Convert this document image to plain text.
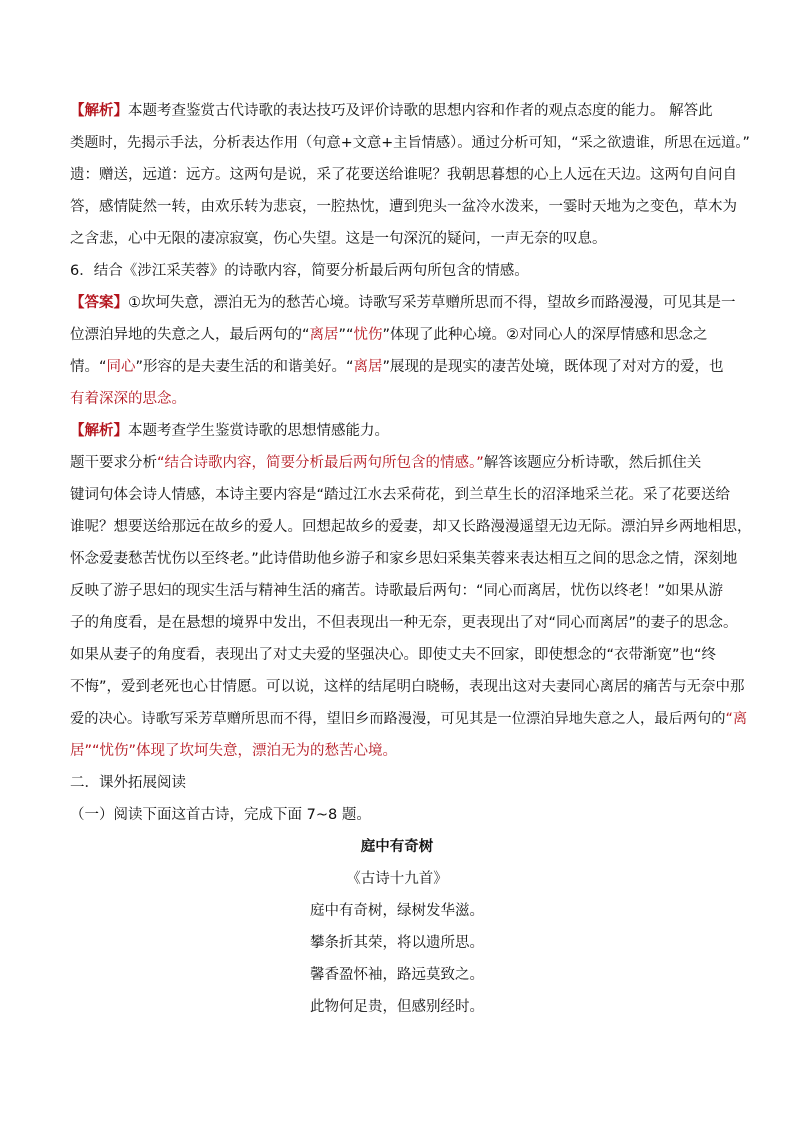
【解析】本题考查鉴赏古代诗歌的表达技巧及评价诗歌的思想内容和作者的观点态度的能力。 解答此
类题时，先揭示手法，分析表达作用（句意+文意+主旨情感）。通过分析可知，“采之欲遗谁，所思在远道。”
遗：赠送，远道：远方。这两句是说，采了花要送给谁呢？我朝思暮想的心上人远在天边。这两句自问自
答，感情陡然一转，由欢乐转为悲哀，一腔热忱，遭到兜头一盆冷水泼来，一霎时天地为之变色，草木为
之含悲，心中无限的凄凉寂寞，伤心失望。这是一句深沉的疑问，一声无奈的叹息。
6．结合《涉江采芙蓉》的诗歌内容，简要分析最后两句所包含的情感。
【答案】①坎坷失意，漂泊无为的愁苦心境。诗歌写采芳草赠所思而不得，望故乡而路漫漫，可见其是一
位漂泊异地的失意之人，最后两句的“离居”“忧伤”体现了此种心境。②对同心人的深厚情感和思念之
情。“同心”形容的是夫妻生活的和谐美好。“离居”展现的是现实的凄苦处境，既体现了对对方的爱，也
有着深深的思念。
【解析】本题考查学生鉴赏诗歌的思想情感能力。
题干要求分析“结合诗歌内容，简要分析最后两句所包含的情感。”解答该题应分析诗歌，然后抓住关
键词句体会诗人情感，本诗主要内容是“踏过江水去采荷花，到兰草生长的沼泽地采兰花。采了花要送给
谁呢？想要送给那远在故乡的爱人。回想起故乡的爱妻，却又长路漫漫遥望无边无际。漂泊异乡两地相思，
怀念爱妻愁苦忧伤以至终老。”此诗借助他乡游子和家乡思妇采集芙蓉来表达相互之间的思念之情，深刻地
反映了游子思妇的现实生活与精神生活的痛苦。诗歌最后两句：“同心而离居，忧伤以终老！”如果从游
子的角度看，是在悬想的境界中发出，不但表现出一种无奈，更表现出了对“同心而离居”的妻子的思念。
如果从妻子的角度看，表现出了对丈夫爱的坚强决心。即使丈夫不回家，即使想念的“衣带渐宽”也“终
不悔”，爱到老死也心甘情愿。可以说，这样的结尾明白晓畅，表现出这对夫妻同心离居的痛苦与无奈中那
爱的决心。诗歌写采芳草赠所思而不得，望旧乡而路漫漫，可见其是一位漂泊异地失意之人，最后两句的“离
居”“忧伤”体现了坎坷失意，漂泊无为的愁苦心境。
二．课外拓展阅读
（一）阅读下面这首古诗，完成下面 7~8 题。
庭中有奇树
《古诗十九首》
庭中有奇树，绿树发华滋。
攀条折其荣，将以遗所思。
馨香盈怀袖，路远莫致之。
此物何足贵，但感别经时。
